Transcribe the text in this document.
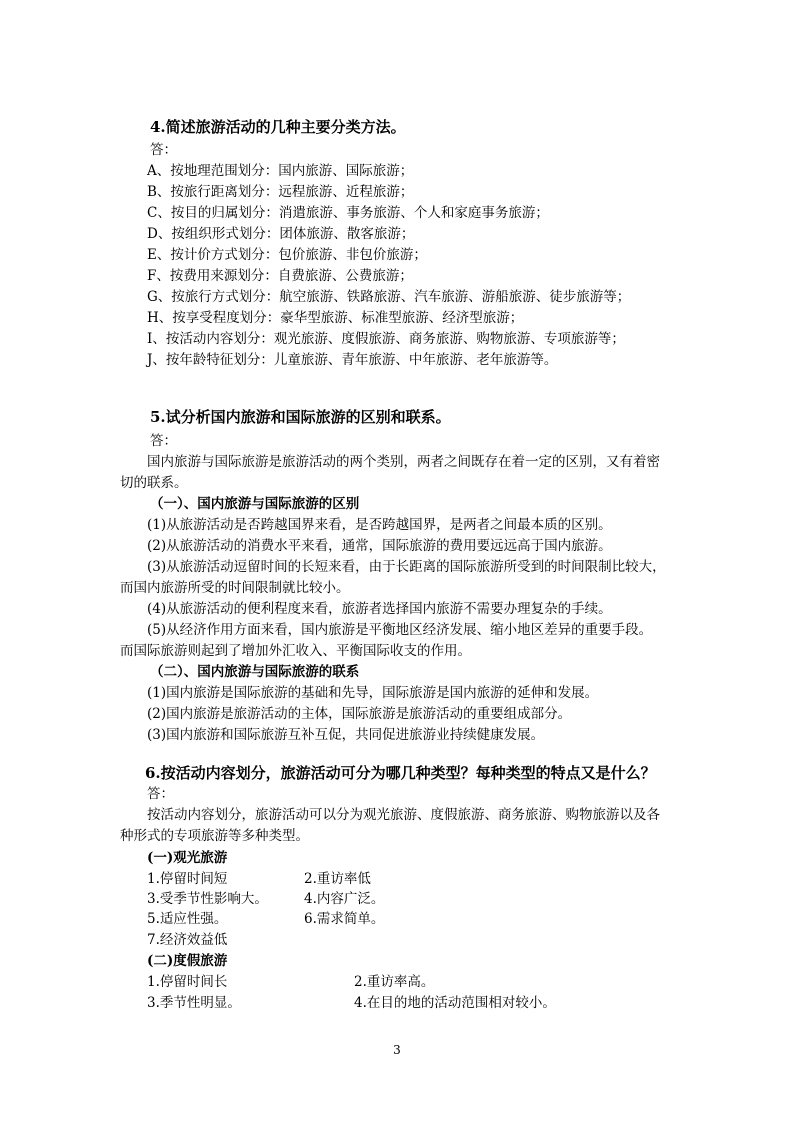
4.简述旅游活动的几种主要分类方法。
答：
A、按地理范围划分：国内旅游、国际旅游；
B、按旅行距离划分：远程旅游、近程旅游；
C、按目的归属划分：消遣旅游、事务旅游、个人和家庭事务旅游；
D、按组织形式划分：团体旅游、散客旅游；
E、按计价方式划分：包价旅游、非包价旅游；
F、按费用来源划分：自费旅游、公费旅游；
G、按旅行方式划分：航空旅游、铁路旅游、汽车旅游、游船旅游、徒步旅游等；
H、按享受程度划分：豪华型旅游、标准型旅游、经济型旅游；
I、按活动内容划分：观光旅游、度假旅游、商务旅游、购物旅游、专项旅游等；
J、按年龄特征划分：儿童旅游、青年旅游、中年旅游、老年旅游等。
5.试分析国内旅游和国际旅游的区别和联系。
答：
国内旅游与国际旅游是旅游活动的两个类别，两者之间既存在着一定的区别，又有着密
切的联系。
（一）、国内旅游与国际旅游的区别
(1)从旅游活动是否跨越国界来看，是否跨越国界，是两者之间最本质的区别。
(2)从旅游活动的消费水平来看，通常，国际旅游的费用要远远高于国内旅游。
(3)从旅游活动逗留时间的长短来看，由于长距离的国际旅游所受到的时间限制比较大，
而国内旅游所受的时间限制就比较小。
(4)从旅游活动的便利程度来看，旅游者选择国内旅游不需要办理复杂的手续。
(5)从经济作用方面来看，国内旅游是平衡地区经济发展、缩小地区差异的重要手段。
而国际旅游则起到了增加外汇收入、平衡国际收支的作用。
（二）、国内旅游与国际旅游的联系
(1)国内旅游是国际旅游的基础和先导，国际旅游是国内旅游的延伸和发展。
(2)国内旅游是旅游活动的主体，国际旅游是旅游活动的重要组成部分。
(3)国内旅游和国际旅游互补互促，共同促进旅游业持续健康发展。
6.按活动内容划分，旅游活动可分为哪几种类型？每种类型的特点又是什么？
答：
按活动内容划分，旅游活动可以分为观光旅游、度假旅游、商务旅游、购物旅游以及各
种形式的专项旅游等多种类型。
(一)观光旅游
1.停留时间短	2.重访率低
3.受季节性影响大。	4.内容广泛。
5.适应性强。	6.需求简单。
7.经济效益低
(二)度假旅游
1.停留时间长	2.重访率高。
3.季节性明显。	4.在目的地的活动范围相对较小。
3
